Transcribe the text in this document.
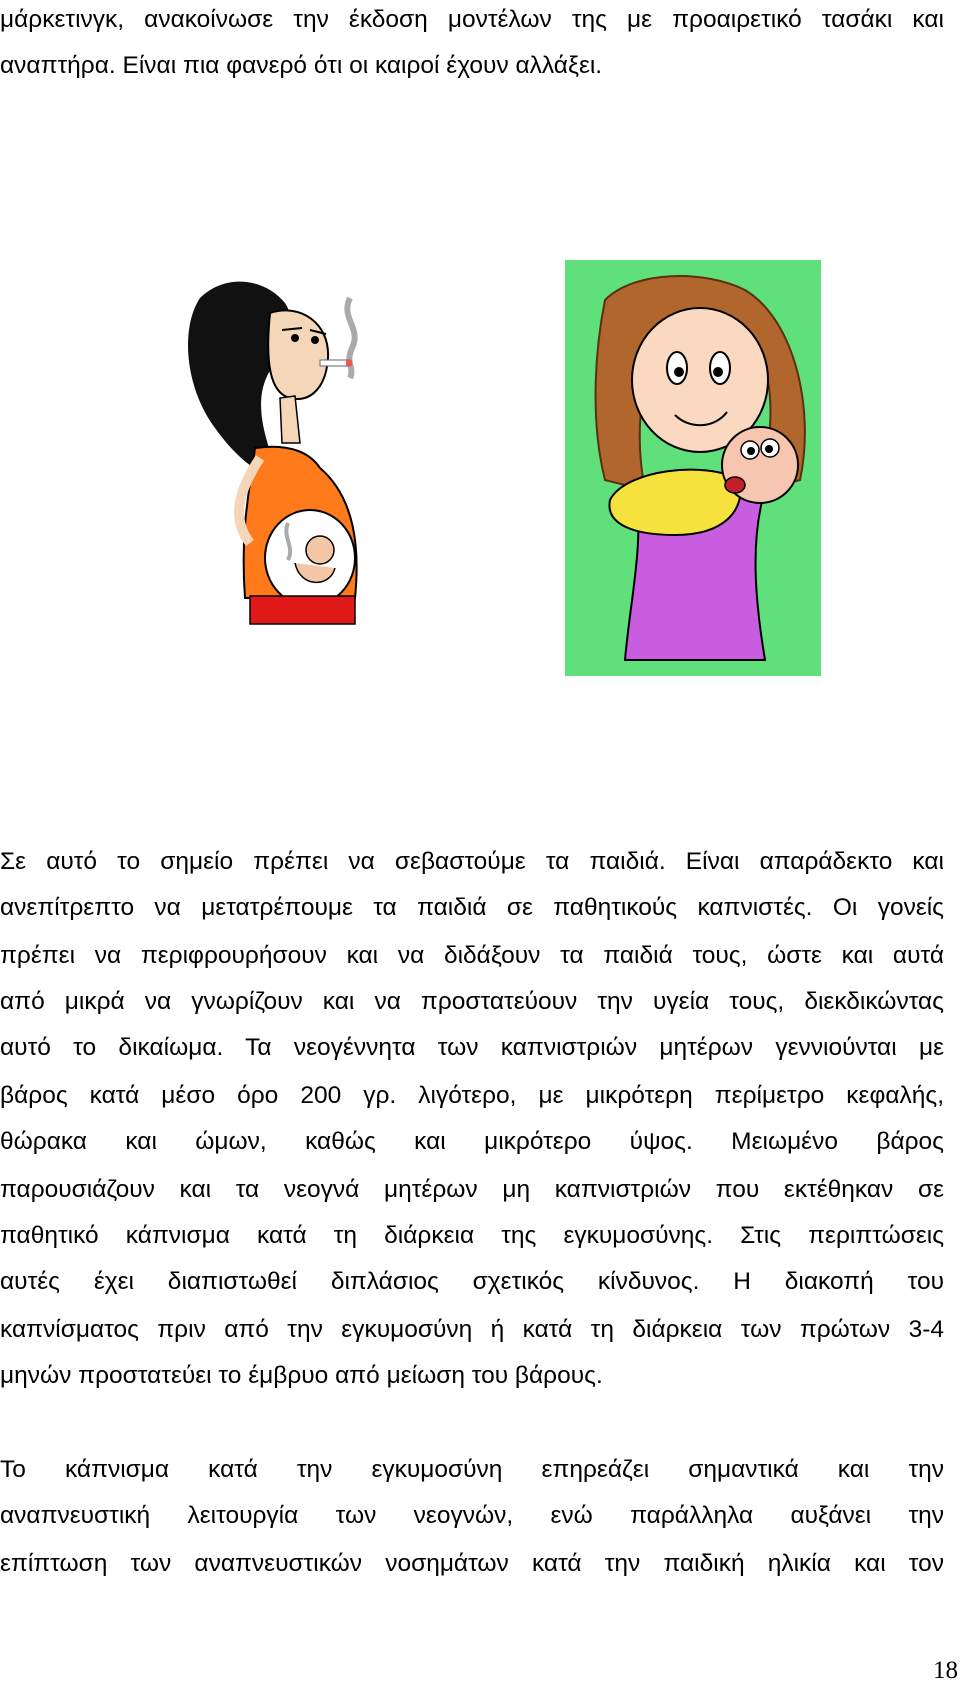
μάρκετινγκ, ανακοίνωσε την έκδοση μοντέλων της με προαιρετικό τασάκι και
αναπτήρα. Είναι πια φανερό ότι οι καιροί έχουν αλλάξει.
Σε αυτό το σημείο πρέπει να σεβαστούμε τα παιδιά. Είναι απαράδεκτο και
ανεπίτρεπτο να μετατρέπουμε τα παιδιά σε παθητικούς καπνιστές. Οι γονείς
πρέπει να περιφρουρήσουν και να διδάξουν τα παιδιά τους, ώστε και αυτά
από μικρά να γνωρίζουν και να προστατεύουν την υγεία τους, διεκδικώντας
αυτό το δικαίωμα. Τα νεογέννητα των καπνιστριών μητέρων γεννιούνται με
βάρος κατά μέσο όρο 200 γρ. λιγότερο, με μικρότερη περίμετρο κεφαλής,
θώρακα και ώμων, καθώς και μικρότερο ύψος. Μειωμένο βάρος
παρουσιάζουν και τα νεογνά μητέρων μη καπνιστριών που εκτέθηκαν σε
παθητικό κάπνισμα κατά τη διάρκεια της εγκυμοσύνης. Στις περιπτώσεις
αυτές έχει διαπιστωθεί διπλάσιος σχετικός κίνδυνος. Η διακοπή του
καπνίσματος πριν από την εγκυμοσύνη ή κατά τη διάρκεια των πρώτων 3-4
μηνών προστατεύει το έμβρυο από μείωση του βάρους.
Το κάπνισμα κατά την εγκυμοσύνη επηρεάζει σημαντικά και την
αναπνευστική λειτουργία των νεογνών, ενώ παράλληλα αυξάνει την
επίπτωση των αναπνευστικών νοσημάτων κατά την παιδική ηλικία και τον
18
